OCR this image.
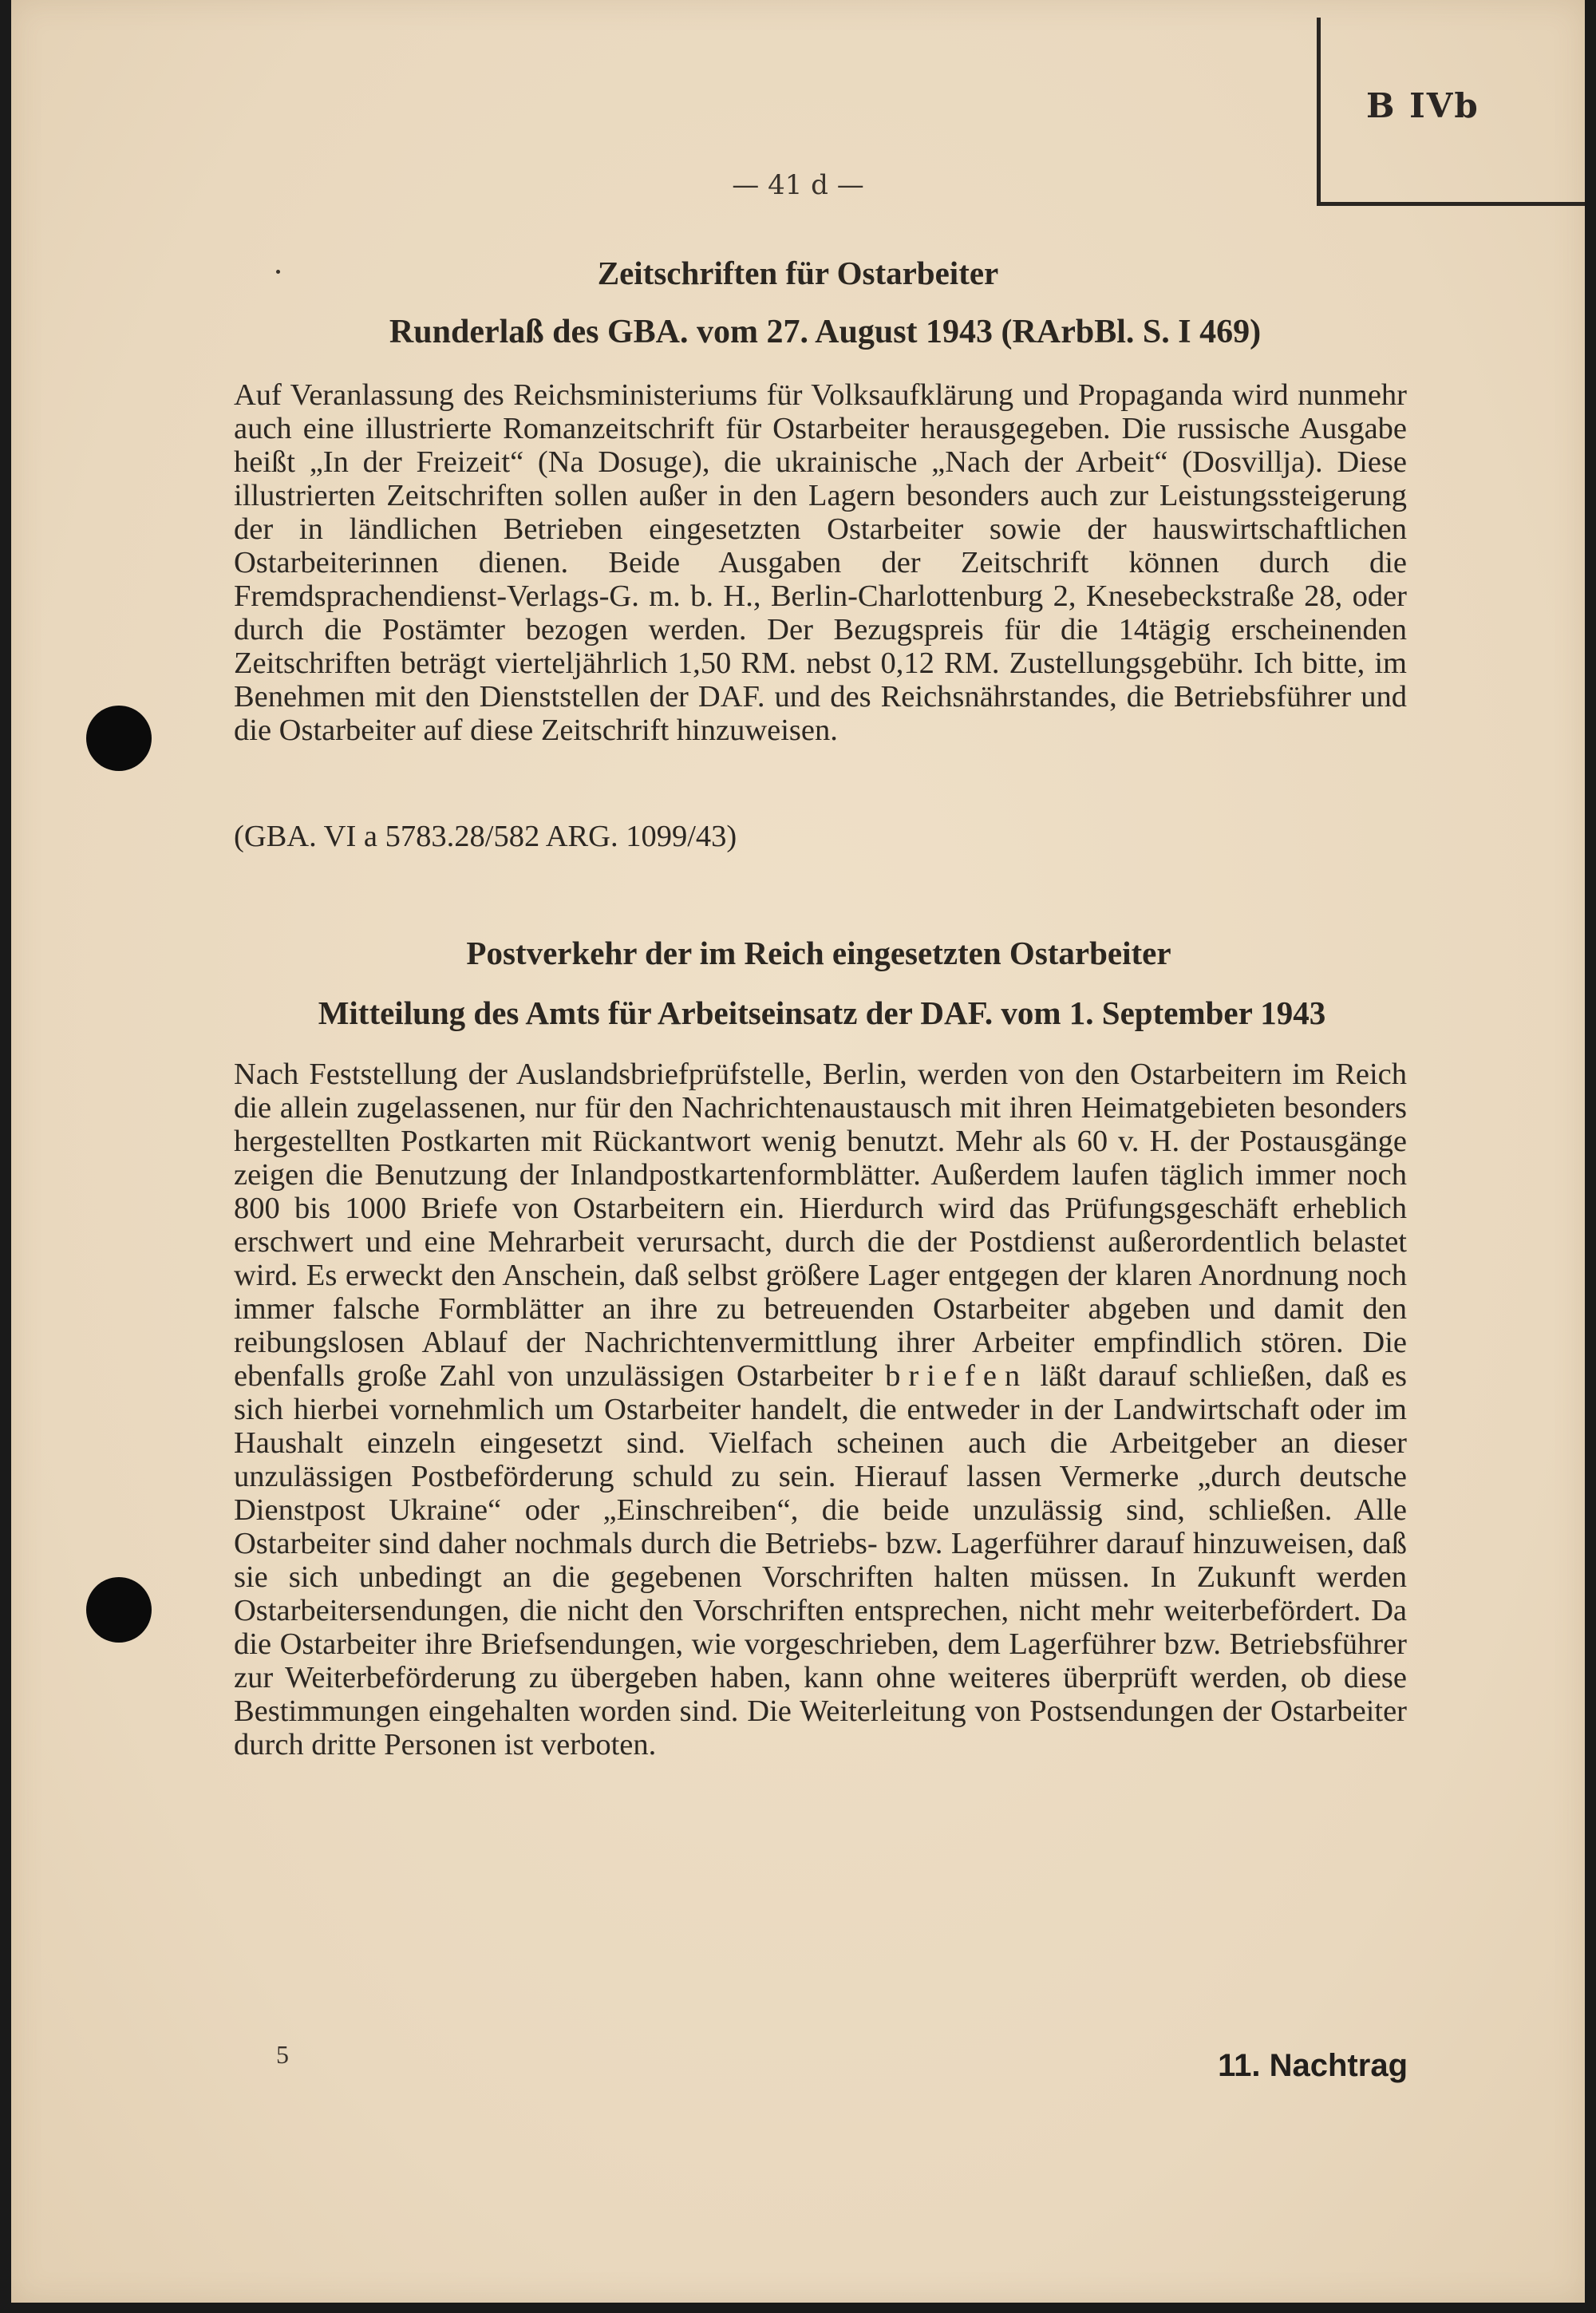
B IVb
— 41 d —
Zeitschriften für Ostarbeiter
Runderlaß des GBA. vom 27. August 1943 (RArbBl. S. I 469)

Auf Veranlassung des Reichsministeriums für Volksaufklärung und Propaganda wird nunmehr auch eine illustrierte Romanzeitschrift für Ostarbeiter herausgegeben. Die russische Ausgabe heißt „In der Freizeit“ (Na Dosuge), die ukrainische „Nach der Arbeit“ (Dosvillja). Diese illustrierten Zeitschriften sollen außer in den Lagern besonders auch zur Leistungssteigerung der in ländlichen Betrieben eingesetzten Ostarbeiter sowie der hauswirtschaftlichen Ostarbeiterinnen dienen. Beide Ausgaben der Zeitschrift können durch die Fremdsprachendienst-Verlags-G. m. b. H., Berlin-Charlottenburg 2, Knesebeckstraße 28, oder durch die Postämter bezogen werden. Der Bezugspreis für die 14tägig erscheinenden Zeitschriften beträgt vierteljährlich 1,50 RM. nebst 0,12 RM. Zustellungsgebühr. Ich bitte, im Benehmen mit den Dienststellen der DAF. und des Reichsnährstandes, die Betriebsführer und die Ostarbeiter auf diese Zeitschrift hinzuweisen.

(GBA. VI a 5783.28/582 ARG. 1099/43)
Postverkehr der im Reich eingesetzten Ostarbeiter
Mitteilung des Amts für Arbeitseinsatz der DAF. vom 1. September 1943

Nach Feststellung der Auslandsbriefprüfstelle, Berlin, werden von den Ostarbeitern im Reich die allein zugelassenen, nur für den Nachrichtenaustausch mit ihren Heimatgebieten besonders hergestellten Postkarten mit Rückantwort wenig benutzt. Mehr als 60 v. H. der Postausgänge zeigen die Benutzung der Inlandpostkartenformblätter. Außerdem laufen täglich immer noch 800 bis 1000 Briefe von Ostarbeitern ein. Hierdurch wird das Prüfungsgeschäft erheblich erschwert und eine Mehrarbeit verursacht, durch die der Postdienst außerordentlich belastet wird. Es erweckt den Anschein, daß selbst größere Lager entgegen der klaren Anordnung noch immer falsche Formblätter an ihre zu betreuenden Ostarbeiter abgeben und damit den reibungslosen Ablauf der Nachrichtenvermittlung ihrer Arbeiter empfindlich stören. Die ebenfalls große Zahl von unzulässigen Ostarbeiter briefen läßt darauf schließen, daß es sich hierbei vornehmlich um Ostarbeiter handelt, die entweder in der Landwirtschaft oder im Haushalt einzeln eingesetzt sind. Vielfach scheinen auch die Arbeitgeber an dieser unzulässigen Postbeförderung schuld zu sein. Hierauf lassen Vermerke „durch deutsche Dienstpost Ukraine“ oder „Einschreiben“, die beide unzulässig sind, schließen. Alle Ostarbeiter sind daher nochmals durch die Betriebs- bzw. Lagerführer darauf hinzuweisen, daß sie sich unbedingt an die gegebenen Vorschriften halten müssen. In Zukunft werden Ostarbeitersendungen, die nicht den Vorschriften entsprechen, nicht mehr weiterbefördert. Da die Ostarbeiter ihre Briefsendungen, wie vorgeschrieben, dem Lagerführer bzw. Betriebsführer zur Weiterbeförderung zu übergeben haben, kann ohne weiteres überprüft werden, ob diese Bestimmungen eingehalten worden sind. Die Weiterleitung von Postsendungen der Ostarbeiter durch dritte Personen ist verboten.

5	11. Nachtrag
